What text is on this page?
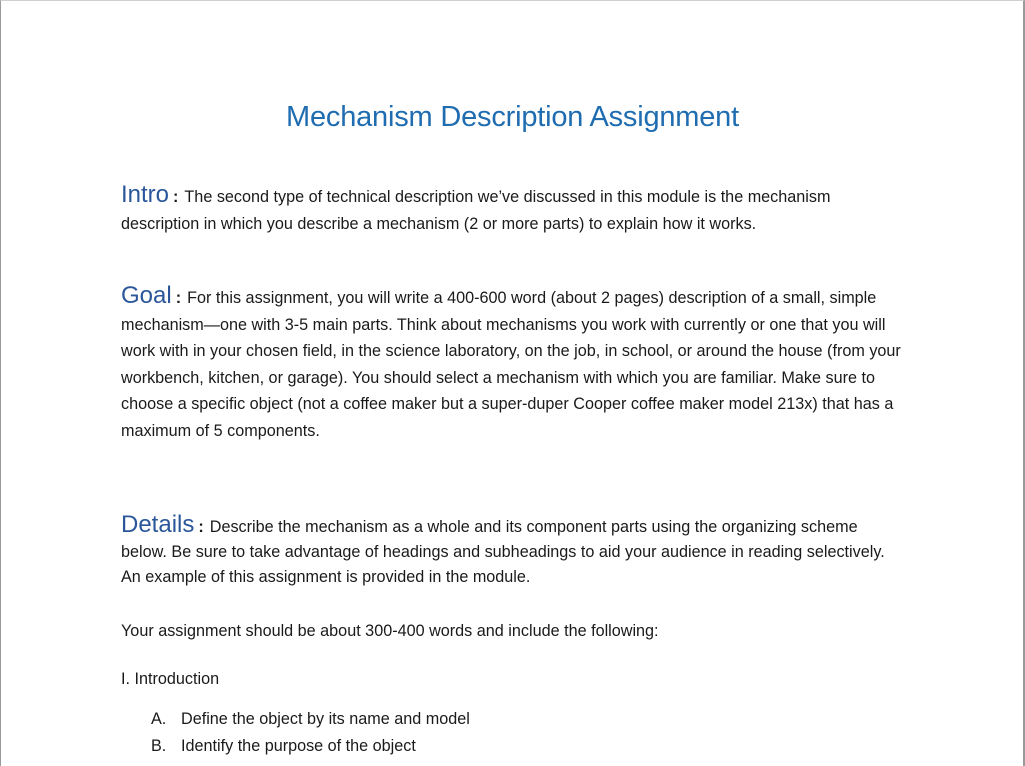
Mechanism Description Assignment

Intro : The second type of technical description we’ve discussed in this module is the mechanism description in which you describe a mechanism (2 or more parts) to explain how it works.

Goal : For this assignment, you will write a 400-600 word (about 2 pages) description of a small, simple mechanism—one with 3-5 main parts. Think about mechanisms you work with currently or one that you will work with in your chosen field, in the science laboratory, on the job, in school, or around the house (from your workbench, kitchen, or garage). You should select a mechanism with which you are familiar. Make sure to choose a specific object (not a coffee maker but a super-duper Cooper coffee maker model 213x) that has a maximum of 5 components.

Details : Describe the mechanism as a whole and its component parts using the organizing scheme below. Be sure to take advantage of headings and subheadings to aid your audience in reading selectively. An example of this assignment is provided in the module.

Your assignment should be about 300-400 words and include the following:

I. Introduction

A. Define the object by its name and model
B. Identify the purpose of the object
